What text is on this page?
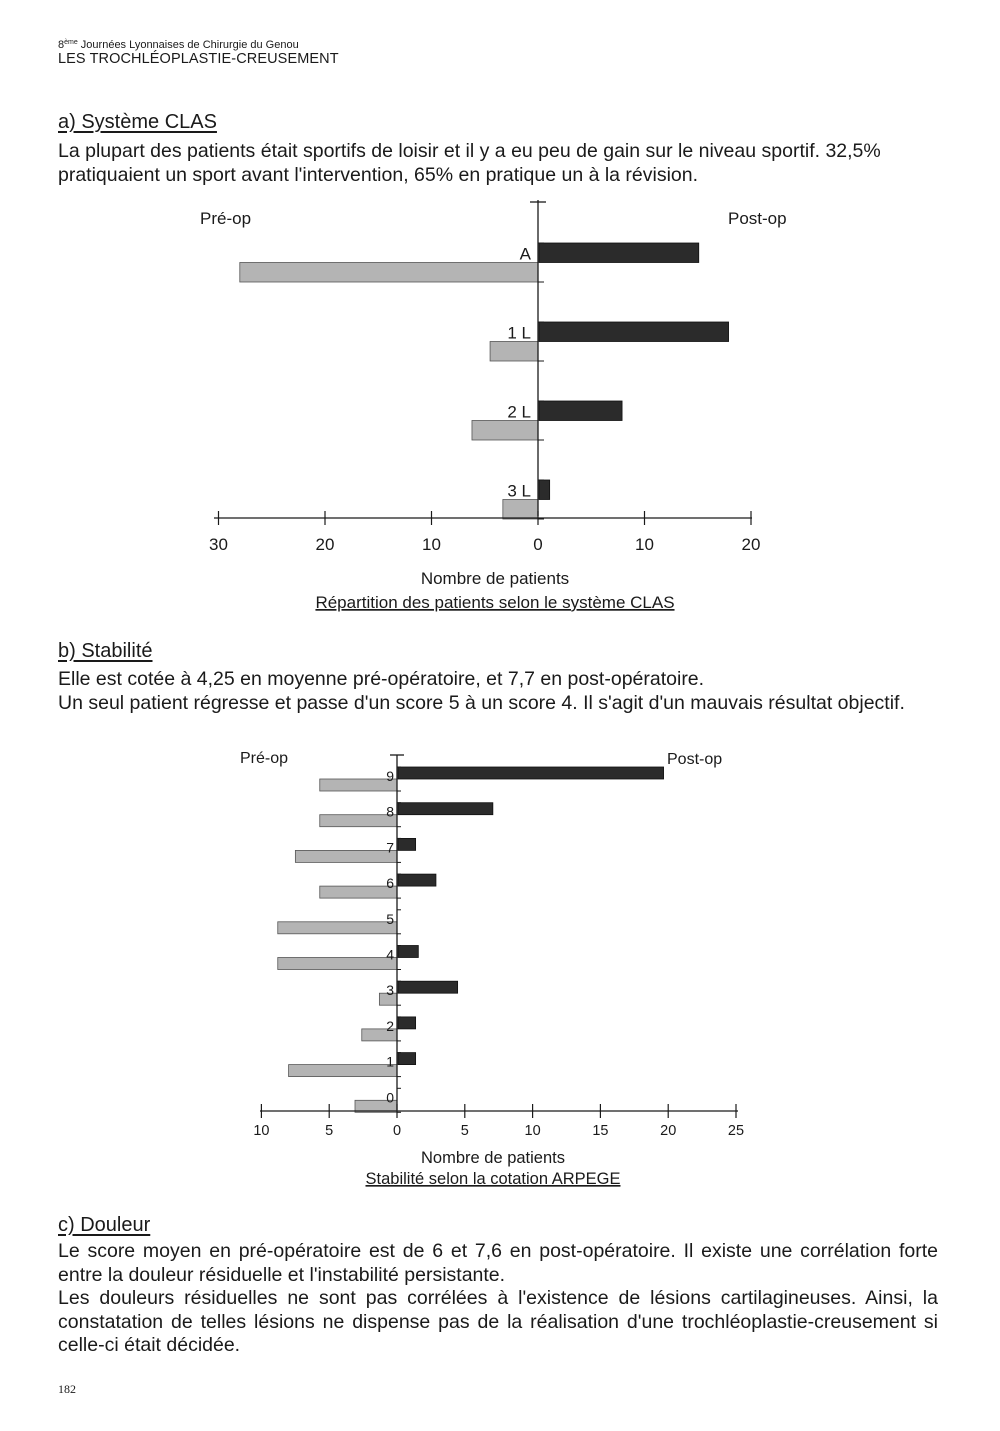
8ème Journées Lyonnaises de Chirurgie du Genou
LES TROCHLÉOPLASTIE-CREUSEMENT
a) Système CLAS

La plupart des patients était sportifs de loisir et il y a eu peu de gain sur le niveau sportif. 32,5% pratiquaient un sport avant l'intervention, 65% en pratique un à la révision.

Pré-op	Post-op
A
1 L
2 L
3 L
30	20	10	0	10	20
Nombre de patients
Répartition des patients selon le système CLAS
b) Stabilité

Elle est cotée à 4,25 en moyenne pré-opératoire, et 7,7 en post-opératoire.

Un seul patient régresse et passe d'un score 5 à un score 4. Il s'agit d'un mauvais résultat objectif.

Pré-op	Post-op
9
8
7
6
5
4
3
2
1
0
10	5	0	5	10	15	20	25
Nombre de patients
Stabilité selon la cotation ARPEGE
c) Douleur

Le score moyen en pré-opératoire est de 6 et 7,6 en post-opératoire. Il existe une corrélation forte entre la douleur résiduelle et l'instabilité persistante.

Les douleurs résiduelles ne sont pas corrélées à l'existence de lésions cartilagineuses. Ainsi, la constatation de telles lésions ne dispense pas de la réalisation d'une trochléoplastie-creusement si celle-ci était décidée.

182
